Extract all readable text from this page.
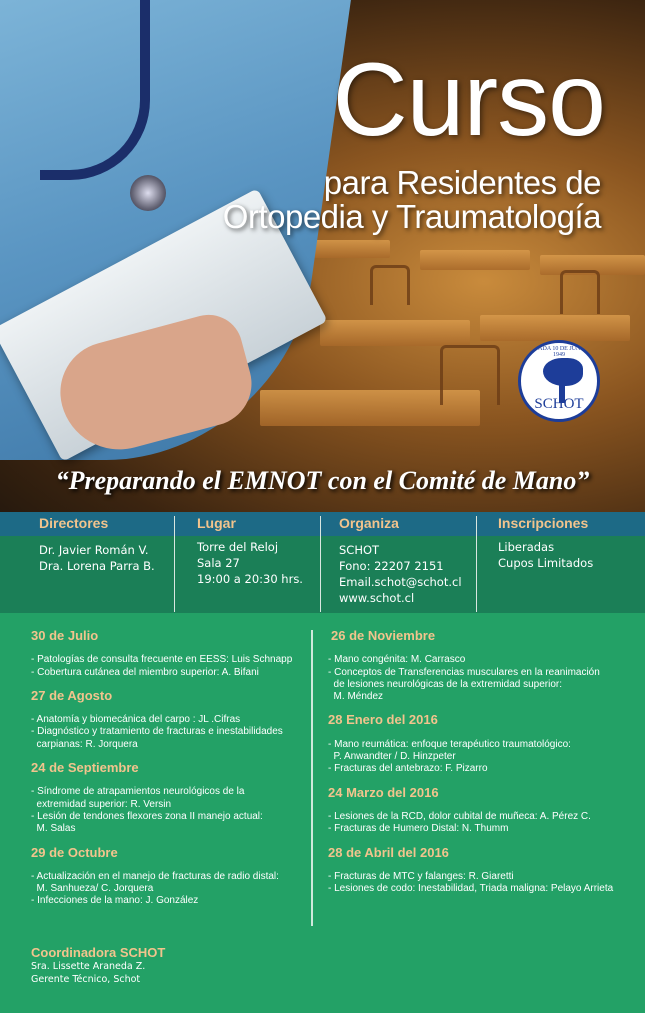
Curso
para Residentes de
Ortopedia y Traumatología
FUNDADA 10 DE JUNIO DE 1949
SCHOT
“Preparando el EMNOT con el Comité de Mano”
Directores
Dr. Javier Román V.
Dra. Lorena Parra B.
Lugar
Torre del Reloj
Sala 27
19:00 a 20:30 hrs.
Organiza
SCHOT
Fono: 22207 2151
Email.schot@schot.cl
www.schot.cl
Inscripciones
Liberadas
Cupos Limitados
30 de Julio

- Patologías de consulta frecuente en EESS: Luis Schnapp

- Cobertura cutánea del miembro superior: A. Bifani

27 de Agosto

- Anatomía y biomecánica del carpo : JL .Cifras

- Diagnóstico y tratamiento de fracturas e inestabilidades
carpianas: R. Jorquera

24 de Septiembre

- Síndrome de atrapamientos neurológicos de la
extremidad superior: R. Versin

- Lesión de tendones flexores zona II manejo actual:
M. Salas

29 de Octubre

- Actualización en el manejo de fracturas de radio distal:
M. Sanhueza/ C. Jorquera

- Infecciones de la mano: J. González

26 de Noviembre

- Mano congénita: M. Carrasco

- Conceptos de Transferencias musculares en la reanimación
de lesiones neurológicas de la extremidad superior:
M. Méndez

28 Enero del 2016

- Mano reumática: enfoque terapéutico traumatológico:
P. Anwandter / D. Hinzpeter

- Fracturas del antebrazo: F. Pizarro

24 Marzo del 2016

- Lesiones de la RCD, dolor cubital de muñeca: A. Pérez C.

- Fracturas de Humero Distal: N. Thumm

28 de Abril del 2016

- Fracturas de MTC y falanges: R. Giaretti

- Lesiones de codo: Inestabilidad, Triada maligna: Pelayo Arrieta

Coordinadora SCHOT

Sra. Lissette Araneda Z.

Gerente Técnico, Schot
